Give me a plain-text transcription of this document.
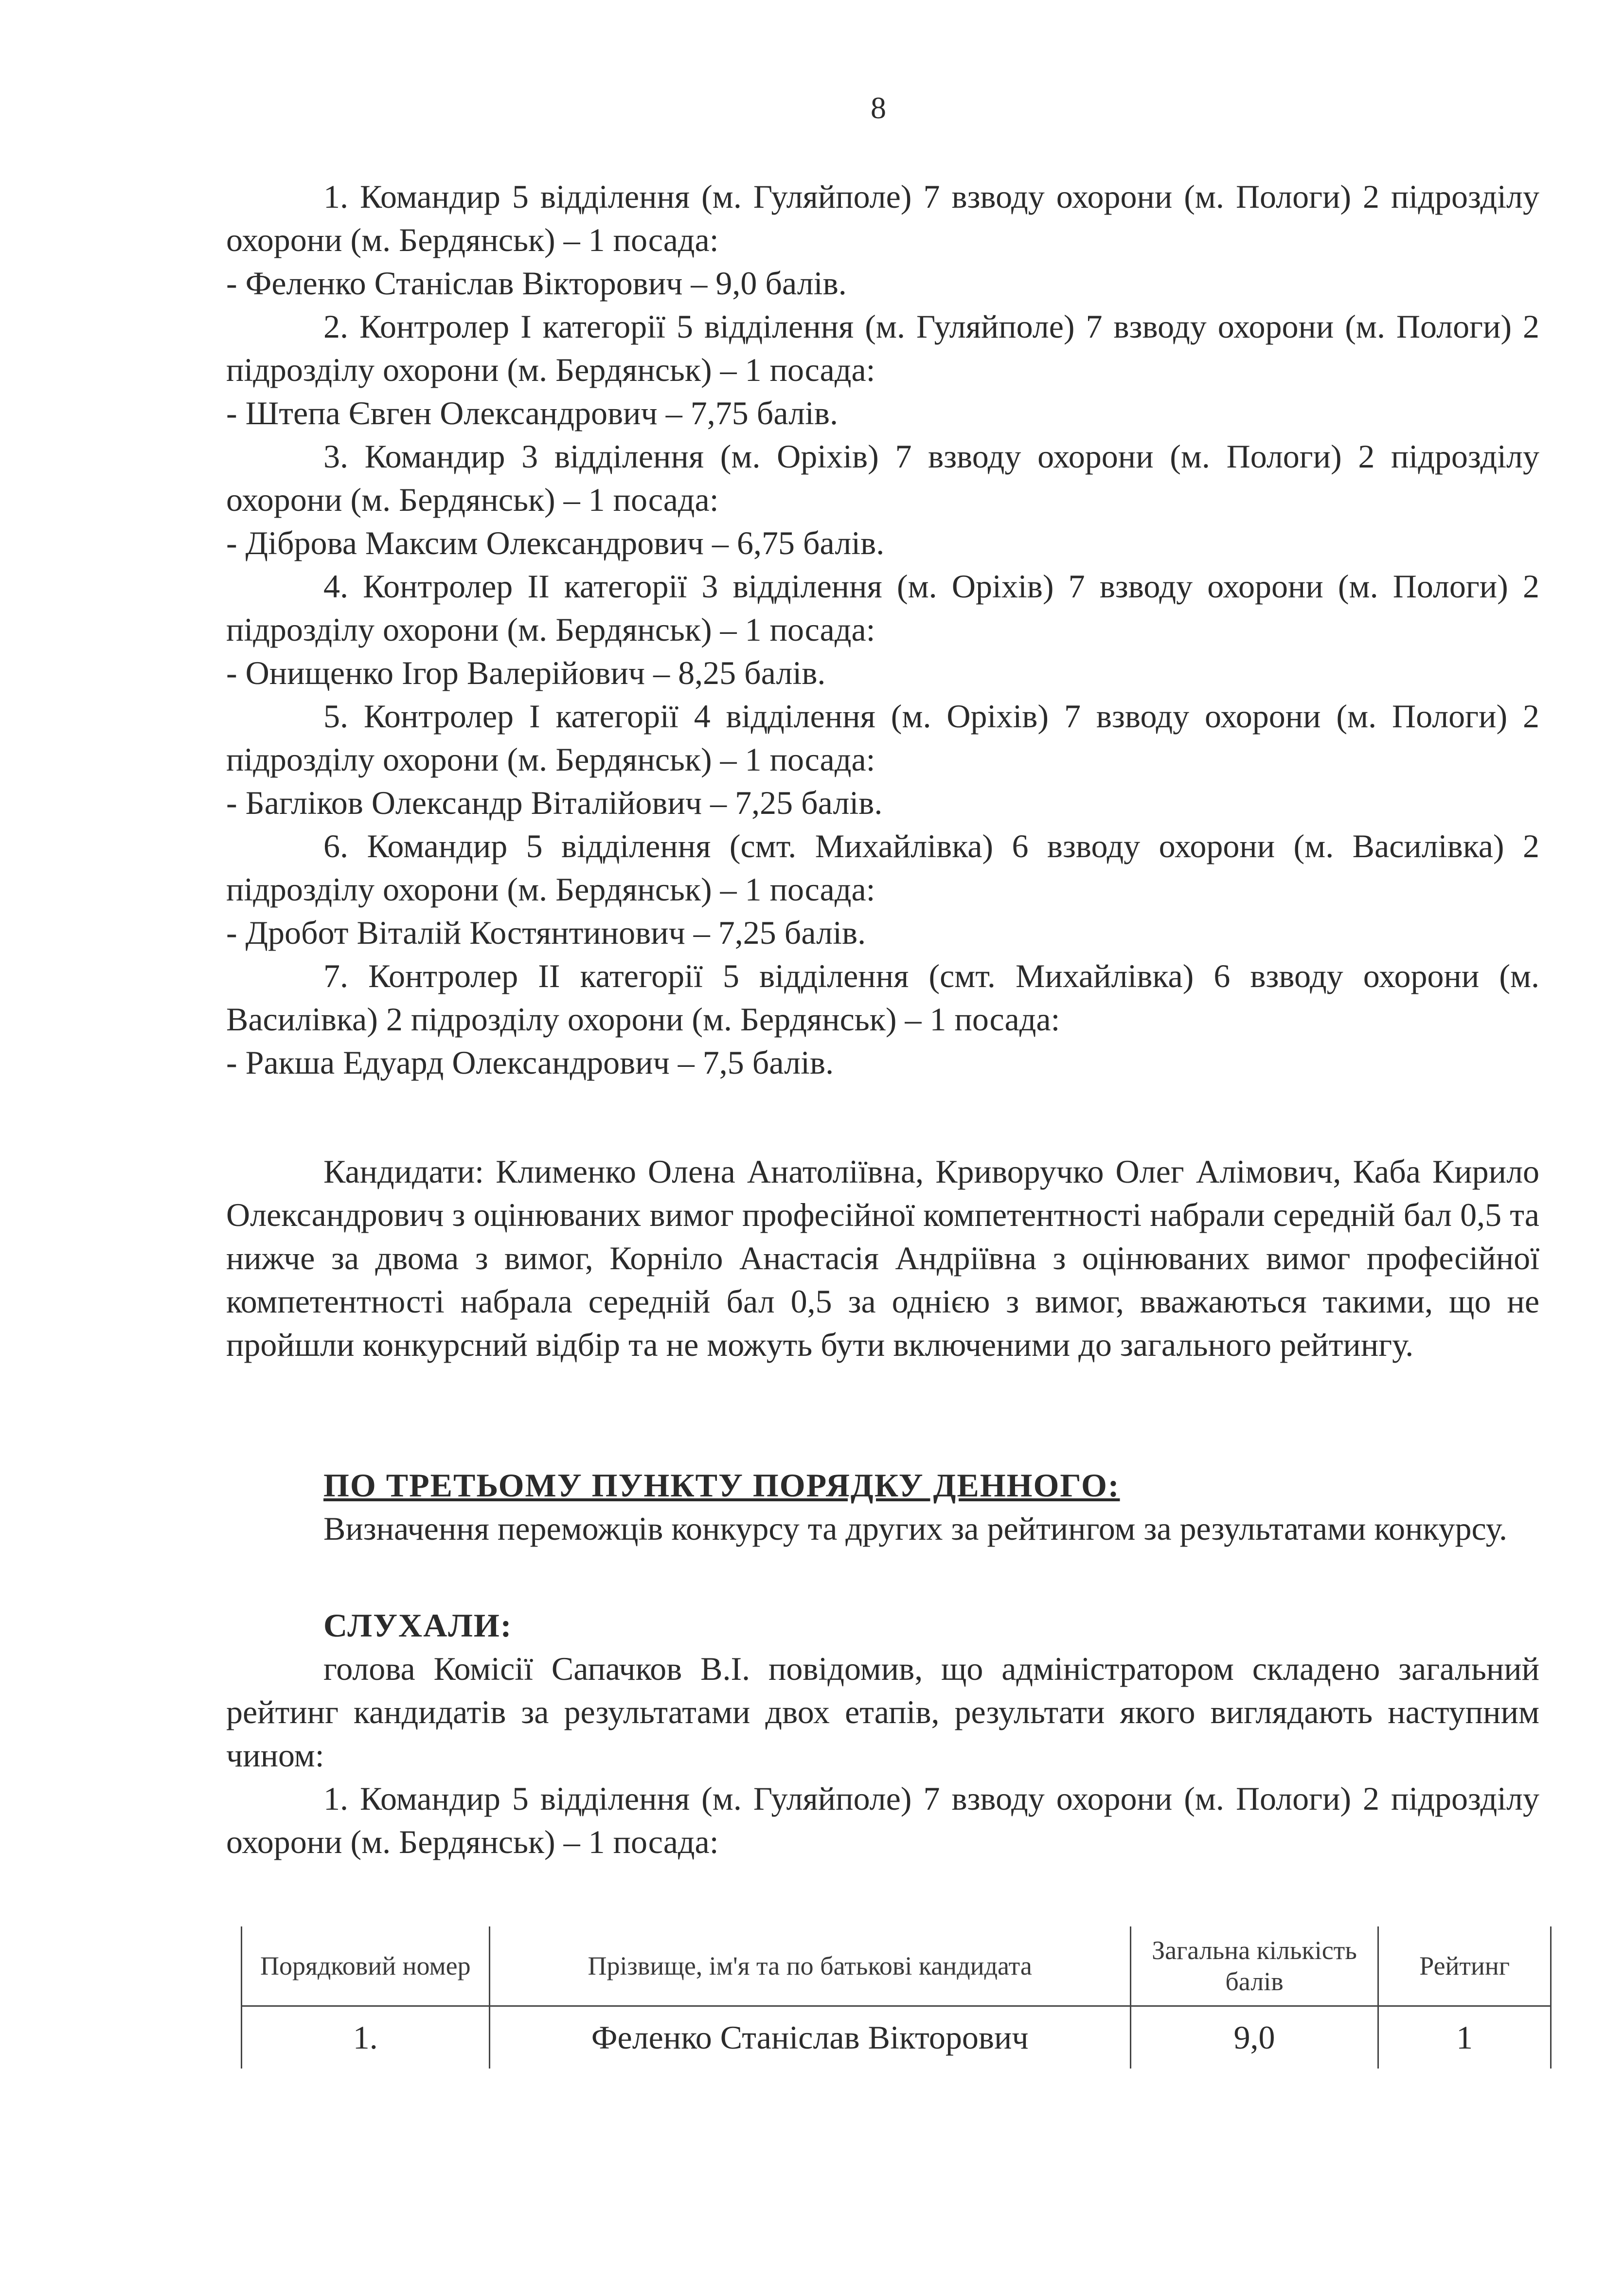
8

1. Командир 5 відділення (м. Гуляйполе) 7 взводу охорони (м. Пологи) 2 підрозділу охорони (м. Бердянськ) – 1 посада:

- Феленко Станіслав Вікторович – 9,0 балів.

2. Контролер I категорії 5 відділення (м. Гуляйполе) 7 взводу охорони (м. Пологи) 2 підрозділу охорони (м. Бердянськ) – 1 посада:

- Штепа Євген Олександрович – 7,75 балів.

3. Командир 3 відділення (м. Оріхів) 7 взводу охорони (м. Пологи) 2 підрозділу охорони (м. Бердянськ) – 1 посада:

- Діброва Максим Олександрович – 6,75 балів.

4. Контролер II категорії 3 відділення (м. Оріхів) 7 взводу охорони (м. Пологи) 2 підрозділу охорони (м. Бердянськ) – 1 посада:

- Онищенко Ігор Валерійович – 8,25 балів.

5. Контролер I категорії 4 відділення (м. Оріхів) 7 взводу охорони (м. Пологи) 2 підрозділу охорони (м. Бердянськ) – 1 посада:

- Багліков Олександр Віталійович – 7,25 балів.

6. Командир 5 відділення (смт. Михайлівка) 6 взводу охорони (м. Василівка) 2 підрозділу охорони (м. Бердянськ) – 1 посада:

- Дробот Віталій Костянтинович – 7,25 балів.

7. Контролер II категорії 5 відділення (смт. Михайлівка) 6 взводу охорони (м. Василівка) 2 підрозділу охорони (м. Бердянськ) – 1 посада:

- Ракша Едуард Олександрович – 7,5 балів.

Кандидати: Клименко Олена Анатоліївна, Криворучко Олег Алімович, Каба Кирило Олександрович з оцінюваних вимог професійної компетентності набрали середній бал 0,5 та нижче за двома з вимог, Корніло Анастасія Андріївна з оцінюваних вимог професійної компетентності набрала середній бал 0,5 за однією з вимог, вважаються такими, що не пройшли конкурсний відбір та не можуть бути включеними до загального рейтингу.

ПО ТРЕТЬОМУ ПУНКТУ ПОРЯДКУ ДЕННОГО:

Визначення переможців конкурсу та других за рейтингом за результатами конкурсу.

СЛУХАЛИ:

голова Комісії Сапачков В.І. повідомив, що адміністратором складено загальний рейтинг кандидатів за результатами двох етапів, результати якого виглядають наступним чином:

1. Командир 5 відділення (м. Гуляйполе) 7 взводу охорони (м. Пологи) 2 підрозділу охорони (м. Бердянськ) – 1 посада:

Порядковий номер	Прізвище, ім'я та по батькові кандидата	Загальна кількість балів	Рейтинг
1.	Феленко Станіслав Вікторович	9,0	1
